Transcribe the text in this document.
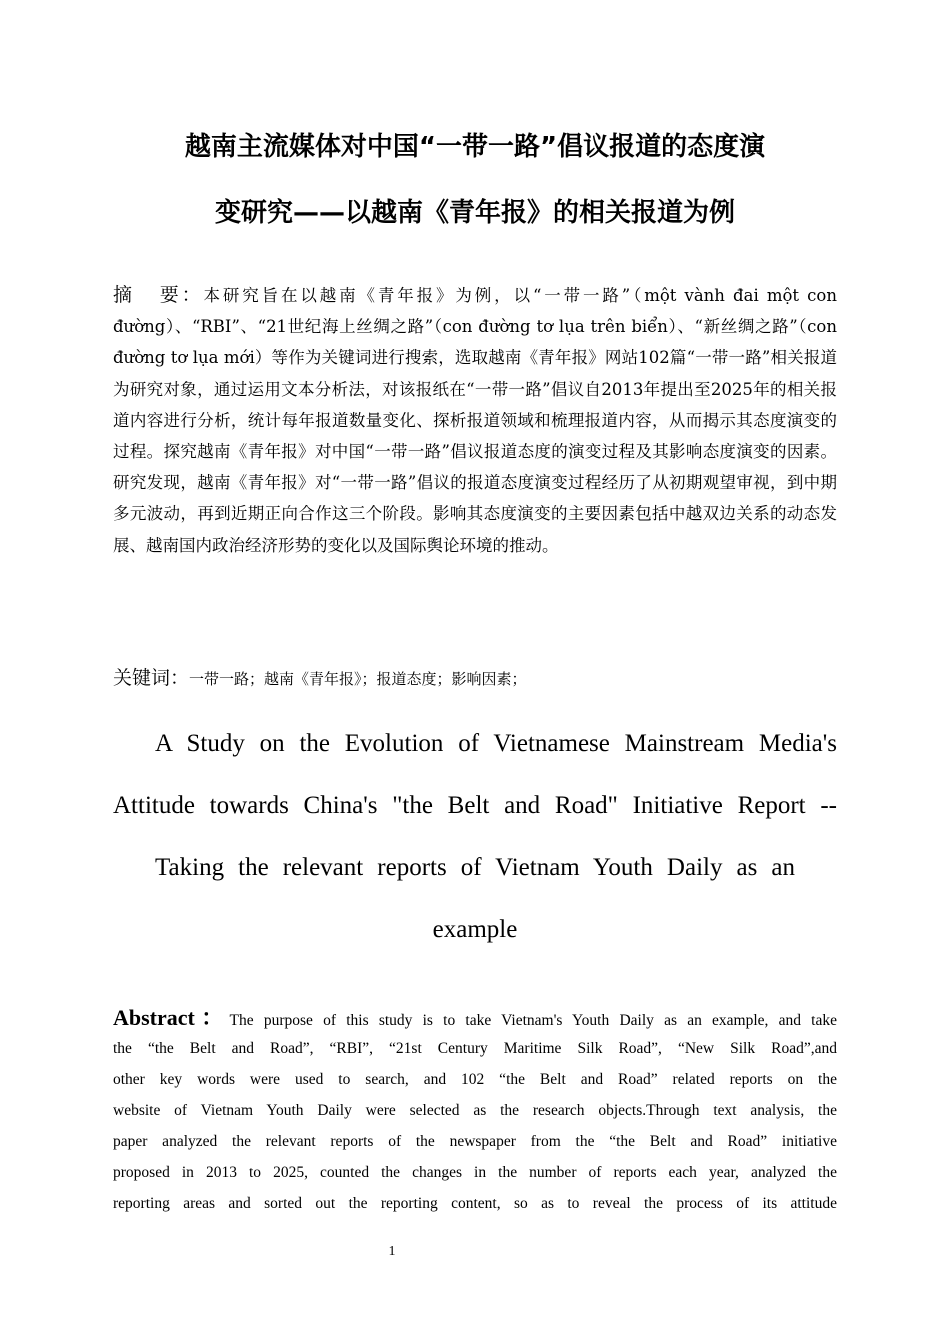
越南主流媒体对中国“一带一路”倡议报道的态度演
变研究——以越南《青年报》的相关报道为例
摘 要：本研究旨在以越南《青年报》为例，以“一带一路”（một vành đai một con đường）、“RBI”、“21世纪海上丝绸之路”（con đường tơ lụa trên biển）、“新丝绸之路”（con đường tơ lụa mới）等作为关键词进行搜索，选取越南《青年报》网站102篇“一带一路”相关报道为研究对象，通过运用文本分析法，对该报纸在“一带一路”倡议自2013年提出至2025年的相关报道内容进行分析，统计每年报道数量变化、探析报道领域和梳理报道内容，从而揭示其态度演变的过程。探究越南《青年报》对中国“一带一路”倡议报道态度的演变过程及其影响态度演变的因素。研究发现，越南《青年报》对“一带一路”倡议的报道态度演变过程经历了从初期观望审视，到中期多元波动，再到近期正向合作这三个阶段。影响其态度演变的主要因素包括中越双边关系的动态发展、越南国内政治经济形势的变化以及国际舆论环境的推动。
关键词：一带一路；越南《青年报》；报道态度；影响因素；
A Study on the Evolution of Vietnamese Mainstream Media's
Attitude towards China's "the Belt and Road" Initiative Report --
Taking the relevant reports of Vietnam Youth Daily as an
example
Abstract：The purpose of this study is to take Vietnam's Youth Daily as an example, and take
the “the Belt and Road”, “RBI”, “21st Century Maritime Silk Road”, “New Silk Road”,and
other key words were used to search, and 102 “the Belt and Road” related reports on the
website of Vietnam Youth Daily were selected as the research objects.Through text analysis, the
paper analyzed the relevant reports of the newspaper from the “the Belt and Road” initiative
proposed in 2013 to 2025, counted the changes in the number of reports each year, analyzed the
reporting areas and sorted out the reporting content, so as to reveal the process of its attitude
1
